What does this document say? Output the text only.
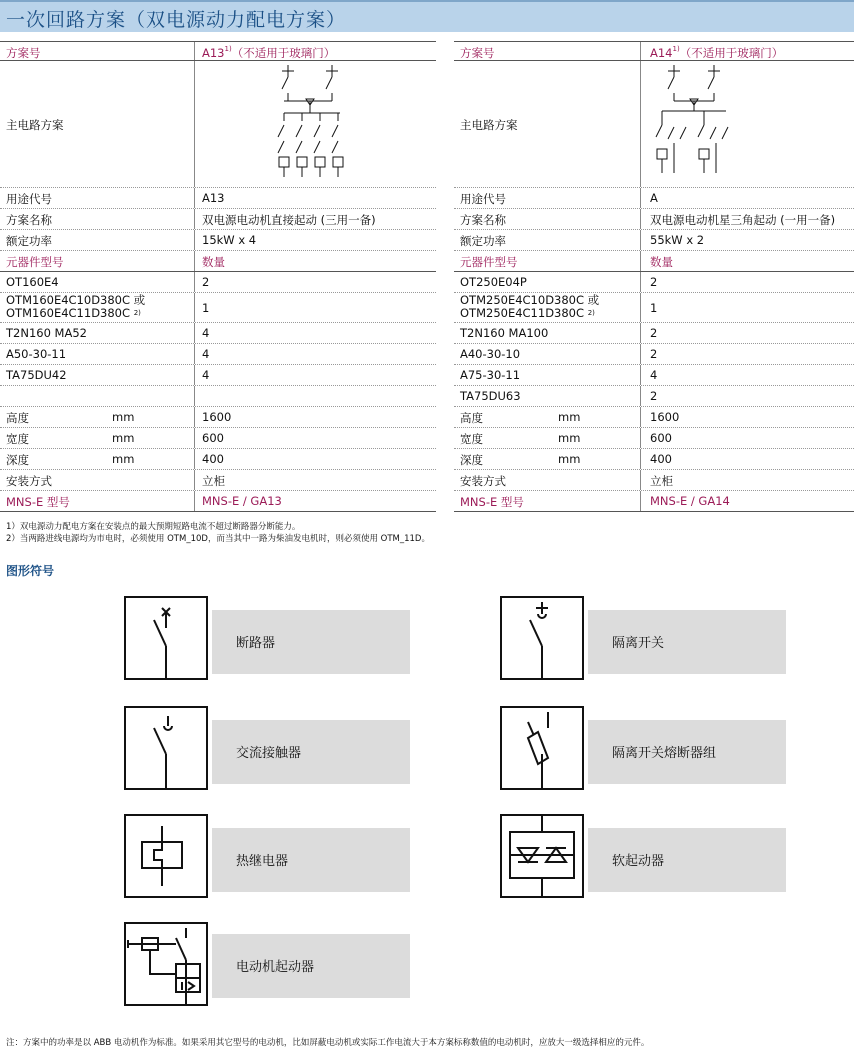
一次回路方案（双电源动力配电方案）
方案号	A13$^{1)}$（不适用于玻璃门）
主电路方案
用途代号	A13
方案名称	双电源电动机直接起动 (三用一备)
额定功率	15kW x 4
元器件型号	数量
OT160E4	2
OTM160E4C10D380C 或
OTM160E4C11D380C $^{2)}$	1
T2N160 MA52	4
A50-30-11	4
TA75DU42	4
高度	mm	1600
宽度	mm	600
深度	mm	400
安装方式	立柜
MNS-E 型号	MNS-E / GA13
方案号	A14$^{1)}$（不适用于玻璃门）
主电路方案
用途代号	A
方案名称	双电源电动机星三角起动 (一用一备)
额定功率	55kW x 2
元器件型号	数量
OT250E04P	2
OTM250E4C10D380C 或
OTM250E4C11D380C $^{2)}$	1
T2N160 MA100	2
A40-30-10	2
A75-30-11	4
TA75DU63	2
高度	mm	1600
宽度	mm	600
深度	mm	400
安装方式	立柜
MNS-E 型号	MNS-E / GA14
1）双电源动力配电方案在安装点的最大预期短路电流不超过断路器分断能力。
2）当两路进线电源均为市电时，必须使用 OTM_10D，而当其中一路为柴油发电机时，则必须使用 OTM_11D。
图形符号
断路器	隔离开关
交流接触器	隔离开关熔断器组
热继电器	软起动器
电动机起动器
注：方案中的功率是以 ABB 电动机作为标准。如果采用其它型号的电动机，比如屏蔽电动机或实际工作电流大于本方案标称数值的电动机时，应放大一级选择相应的元件。
